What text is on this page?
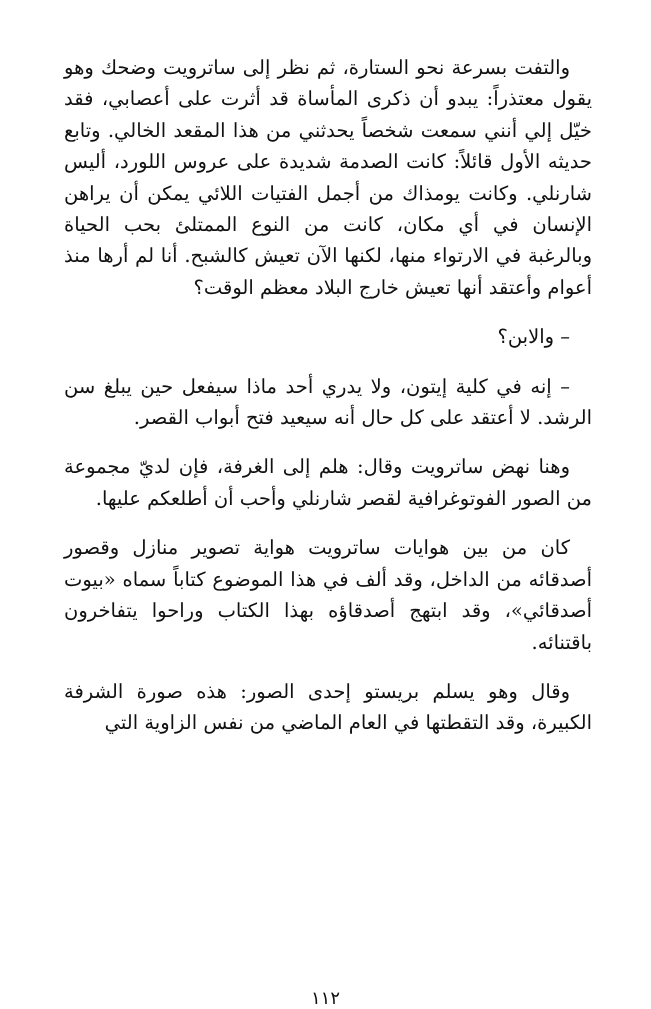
والتفت بسرعة نحو الستارة، ثم نظر إلى ساترويت وضحك وهو يقول معتذراً: يبدو أن ذكرى المأساة قد أثرت على أعصابي، فقد خيّل إلي أنني سمعت شخصاً يحدثني من هذا المقعد الخالي. وتابع حديثه الأول قائلاً: كانت الصدمة شديدة على عروس اللورد، أليس شارنلي. وكانت يومذاك من أجمل الفتيات اللائي يمكن أن يراهن الإنسان في أي مكان، كانت من النوع الممتلئ بحب الحياة وبالرغبة في الارتواء منها، لكنها الآن تعيش كالشبح. أنا لم أرها منذ أعوام وأعتقد أنها تعيش خارج البلاد معظم الوقت؟

– والابن؟

– إنه في كلية إيتون، ولا يدري أحد ماذا سيفعل حين يبلغ سن الرشد. لا أعتقد على كل حال أنه سيعيد فتح أبواب القصر.

وهنا نهض ساترويت وقال: هلم إلى الغرفة، فإن لديّ مجموعة من الصور الفوتوغرافية لقصر شارنلي وأحب أن أطلعكم عليها.

كان من بين هوايات ساترويت هواية تصوير منازل وقصور أصدقائه من الداخل، وقد ألف في هذا الموضوع كتاباً سماه «بيوت أصدقائي»، وقد ابتهج أصدقاؤه بهذا الكتاب وراحوا يتفاخرون باقتنائه.

وقال وهو يسلم بريستو إحدى الصور: هذه صورة الشرفة الكبيرة، وقد التقطتها في العام الماضي من نفس الزاوية التي

١١٢
